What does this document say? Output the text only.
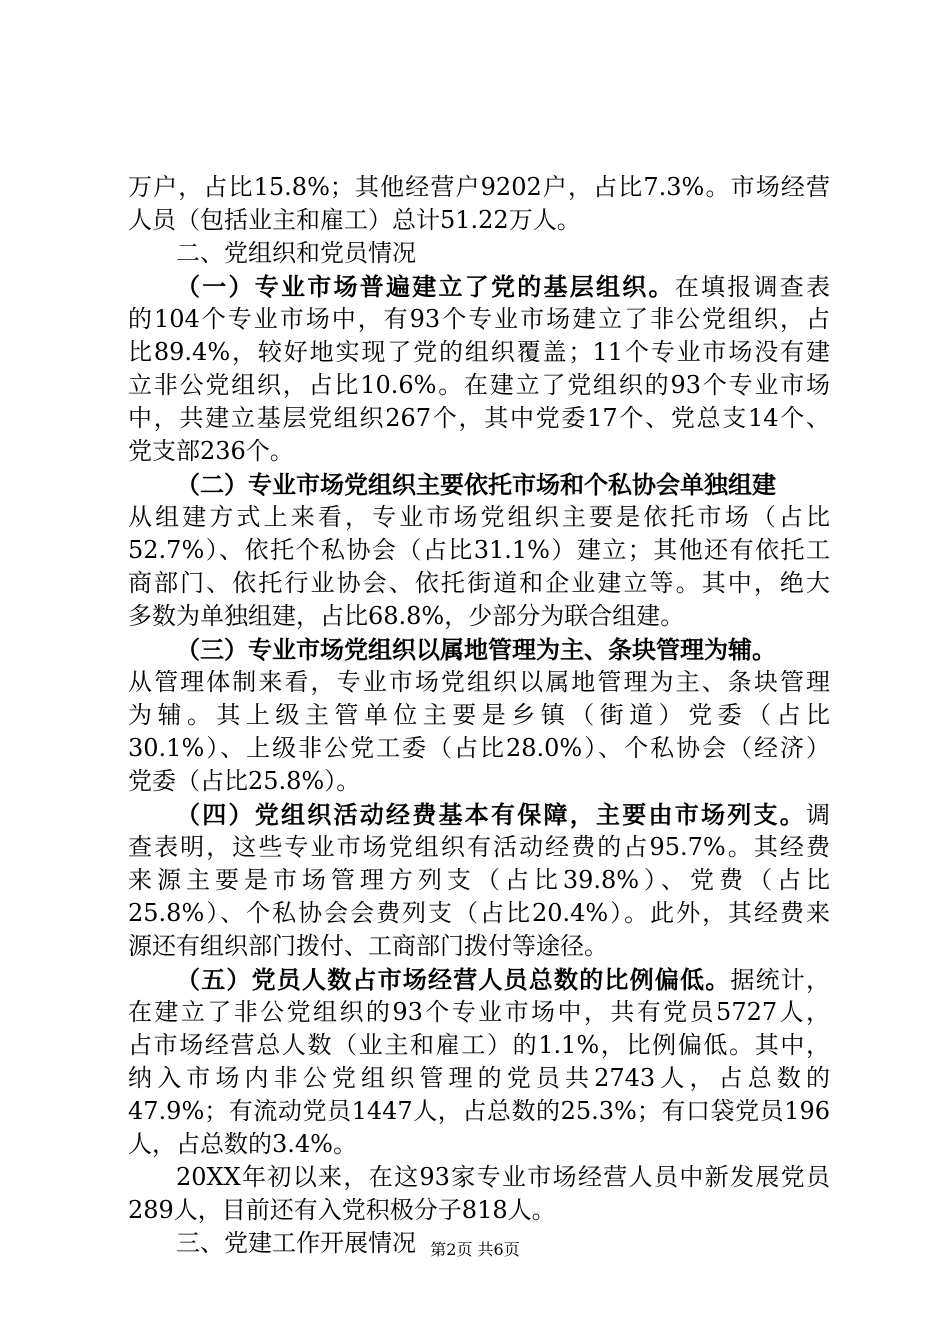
万户，占比15.8%；其他经营户9202户，占比7.3%。市场经营
人员（包括业主和雇工）总计51.22万人。
二、党组织和党员情况
（一）专业市场普遍建立了党的基层组织。在填报调查表
的104个专业市场中，有93个专业市场建立了非公党组织，占
比89.4%，较好地实现了党的组织覆盖；11个专业市场没有建
立非公党组织，占比10.6%。在建立了党组织的93个专业市场
中，共建立基层党组织267个，其中党委17个、党总支14个、
党支部236个。
（二）专业市场党组织主要依托市场和个私协会单独组建
从组建方式上来看，专业市场党组织主要是依托市场（占比
52.7%）、依托个私协会（占比31.1%）建立；其他还有依托工
商部门、依托行业协会、依托街道和企业建立等。其中，绝大
多数为单独组建，占比68.8%，少部分为联合组建。
（三）专业市场党组织以属地管理为主、条块管理为辅。
从管理体制来看，专业市场党组织以属地管理为主、条块管理
为辅。其上级主管单位主要是乡镇（街道）党委（占比
30.1%）、上级非公党工委（占比28.0%）、个私协会（经济）
党委（占比25.8%）。
（四）党组织活动经费基本有保障，主要由市场列支。调
查表明，这些专业市场党组织有活动经费的占95.7%。其经费
来源主要是市场管理方列支（占比39.8%）、党费（占比
25.8%）、个私协会会费列支（占比20.4%）。此外，其经费来
源还有组织部门拨付、工商部门拨付等途径。
（五）党员人数占市场经营人员总数的比例偏低。据统计，
在建立了非公党组织的93个专业市场中，共有党员5727人，
占市场经营总人数（业主和雇工）的1.1%，比例偏低。其中，
纳入市场内非公党组织管理的党员共2743人，占总数的
47.9%；有流动党员1447人，占总数的25.3%；有口袋党员196
人，占总数的3.4%。
20XX年初以来，在这93家专业市场经营人员中新发展党员
289人，目前还有入党积极分子818人。
三、党建工作开展情况 第2页 共6页
